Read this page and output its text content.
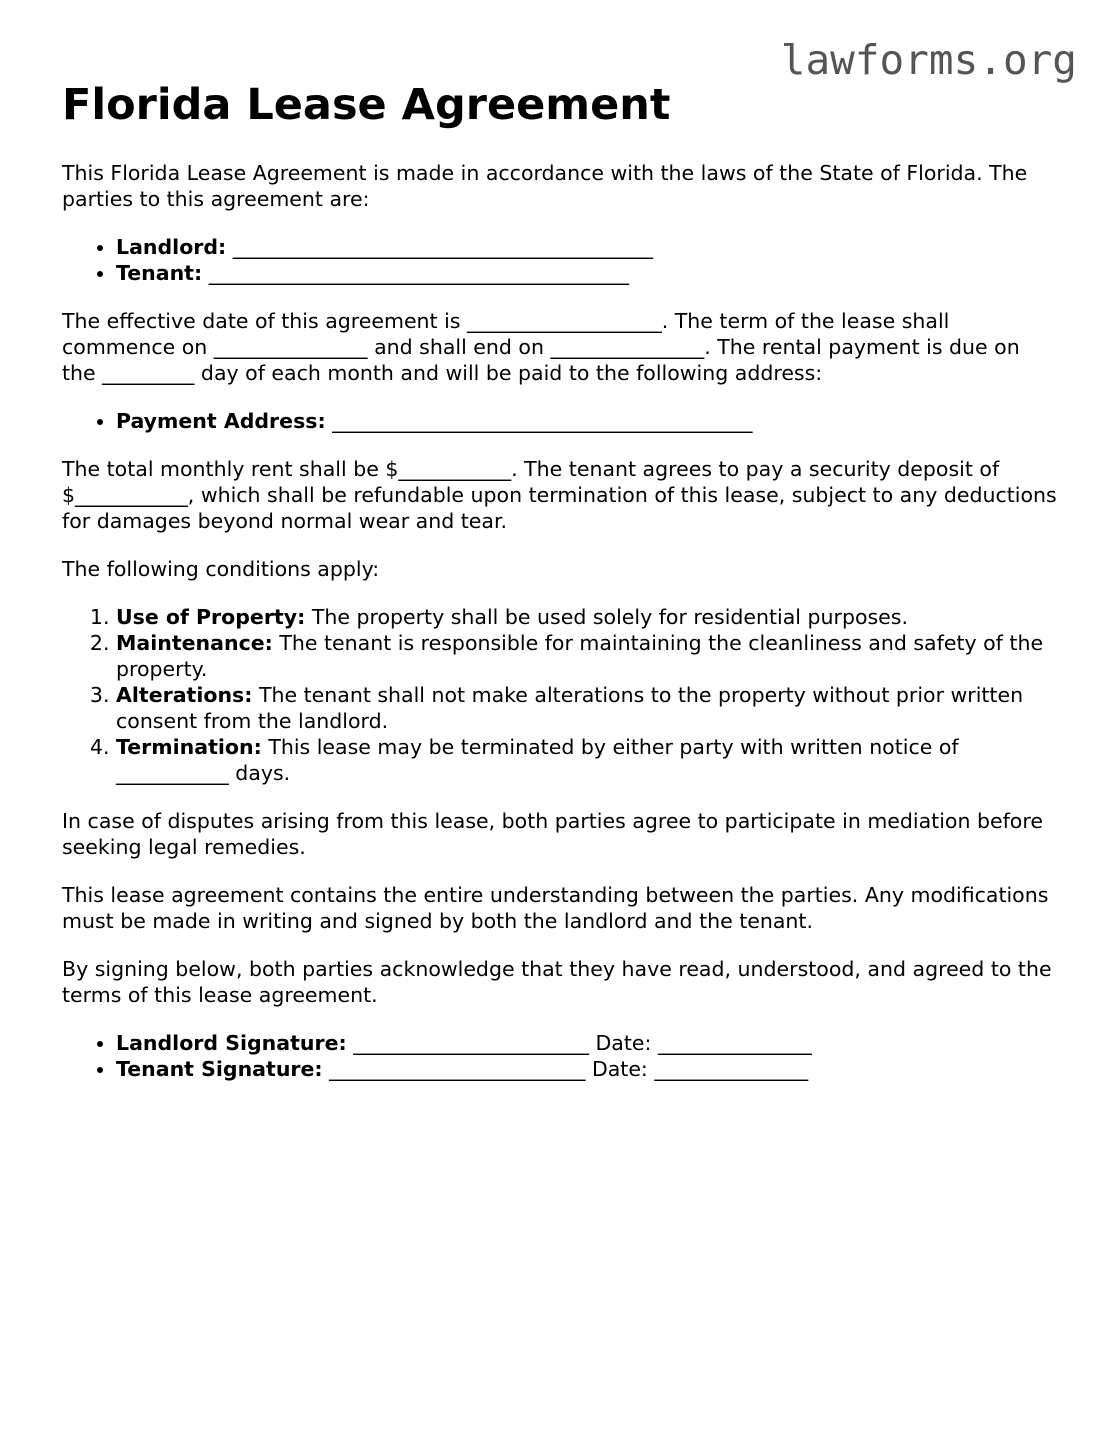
lawforms.org
Florida Lease Agreement

This Florida Lease Agreement is made in accordance with the laws of the State of Florida. The parties to this agreement are:

• Landlord: _________________________________________
• Tenant: _________________________________________

The effective date of this agreement is ___________________. The term of the lease shall commence on _______________ and shall end on _______________. The rental payment is due on the _________ day of each month and will be paid to the following address:

• Payment Address: _________________________________________

The total monthly rent shall be $___________. The tenant agrees to pay a security deposit of $___________, which shall be refundable upon termination of this lease, subject to any deductions for damages beyond normal wear and tear.

The following conditions apply:

1. Use of Property: The property shall be used solely for residential purposes.
2. Maintenance: The tenant is responsible for maintaining the cleanliness and safety of the property.
3. Alterations: The tenant shall not make alterations to the property without prior written consent from the landlord.
4. Termination: This lease may be terminated by either party with written notice of ___________ days.

In case of disputes arising from this lease, both parties agree to participate in mediation before seeking legal remedies.

This lease agreement contains the entire understanding between the parties. Any modifications must be made in writing and signed by both the landlord and the tenant.

By signing below, both parties acknowledge that they have read, understood, and agreed to the terms of this lease agreement.

• Landlord Signature: _______________________ Date: _______________
• Tenant Signature: _________________________ Date: _______________
